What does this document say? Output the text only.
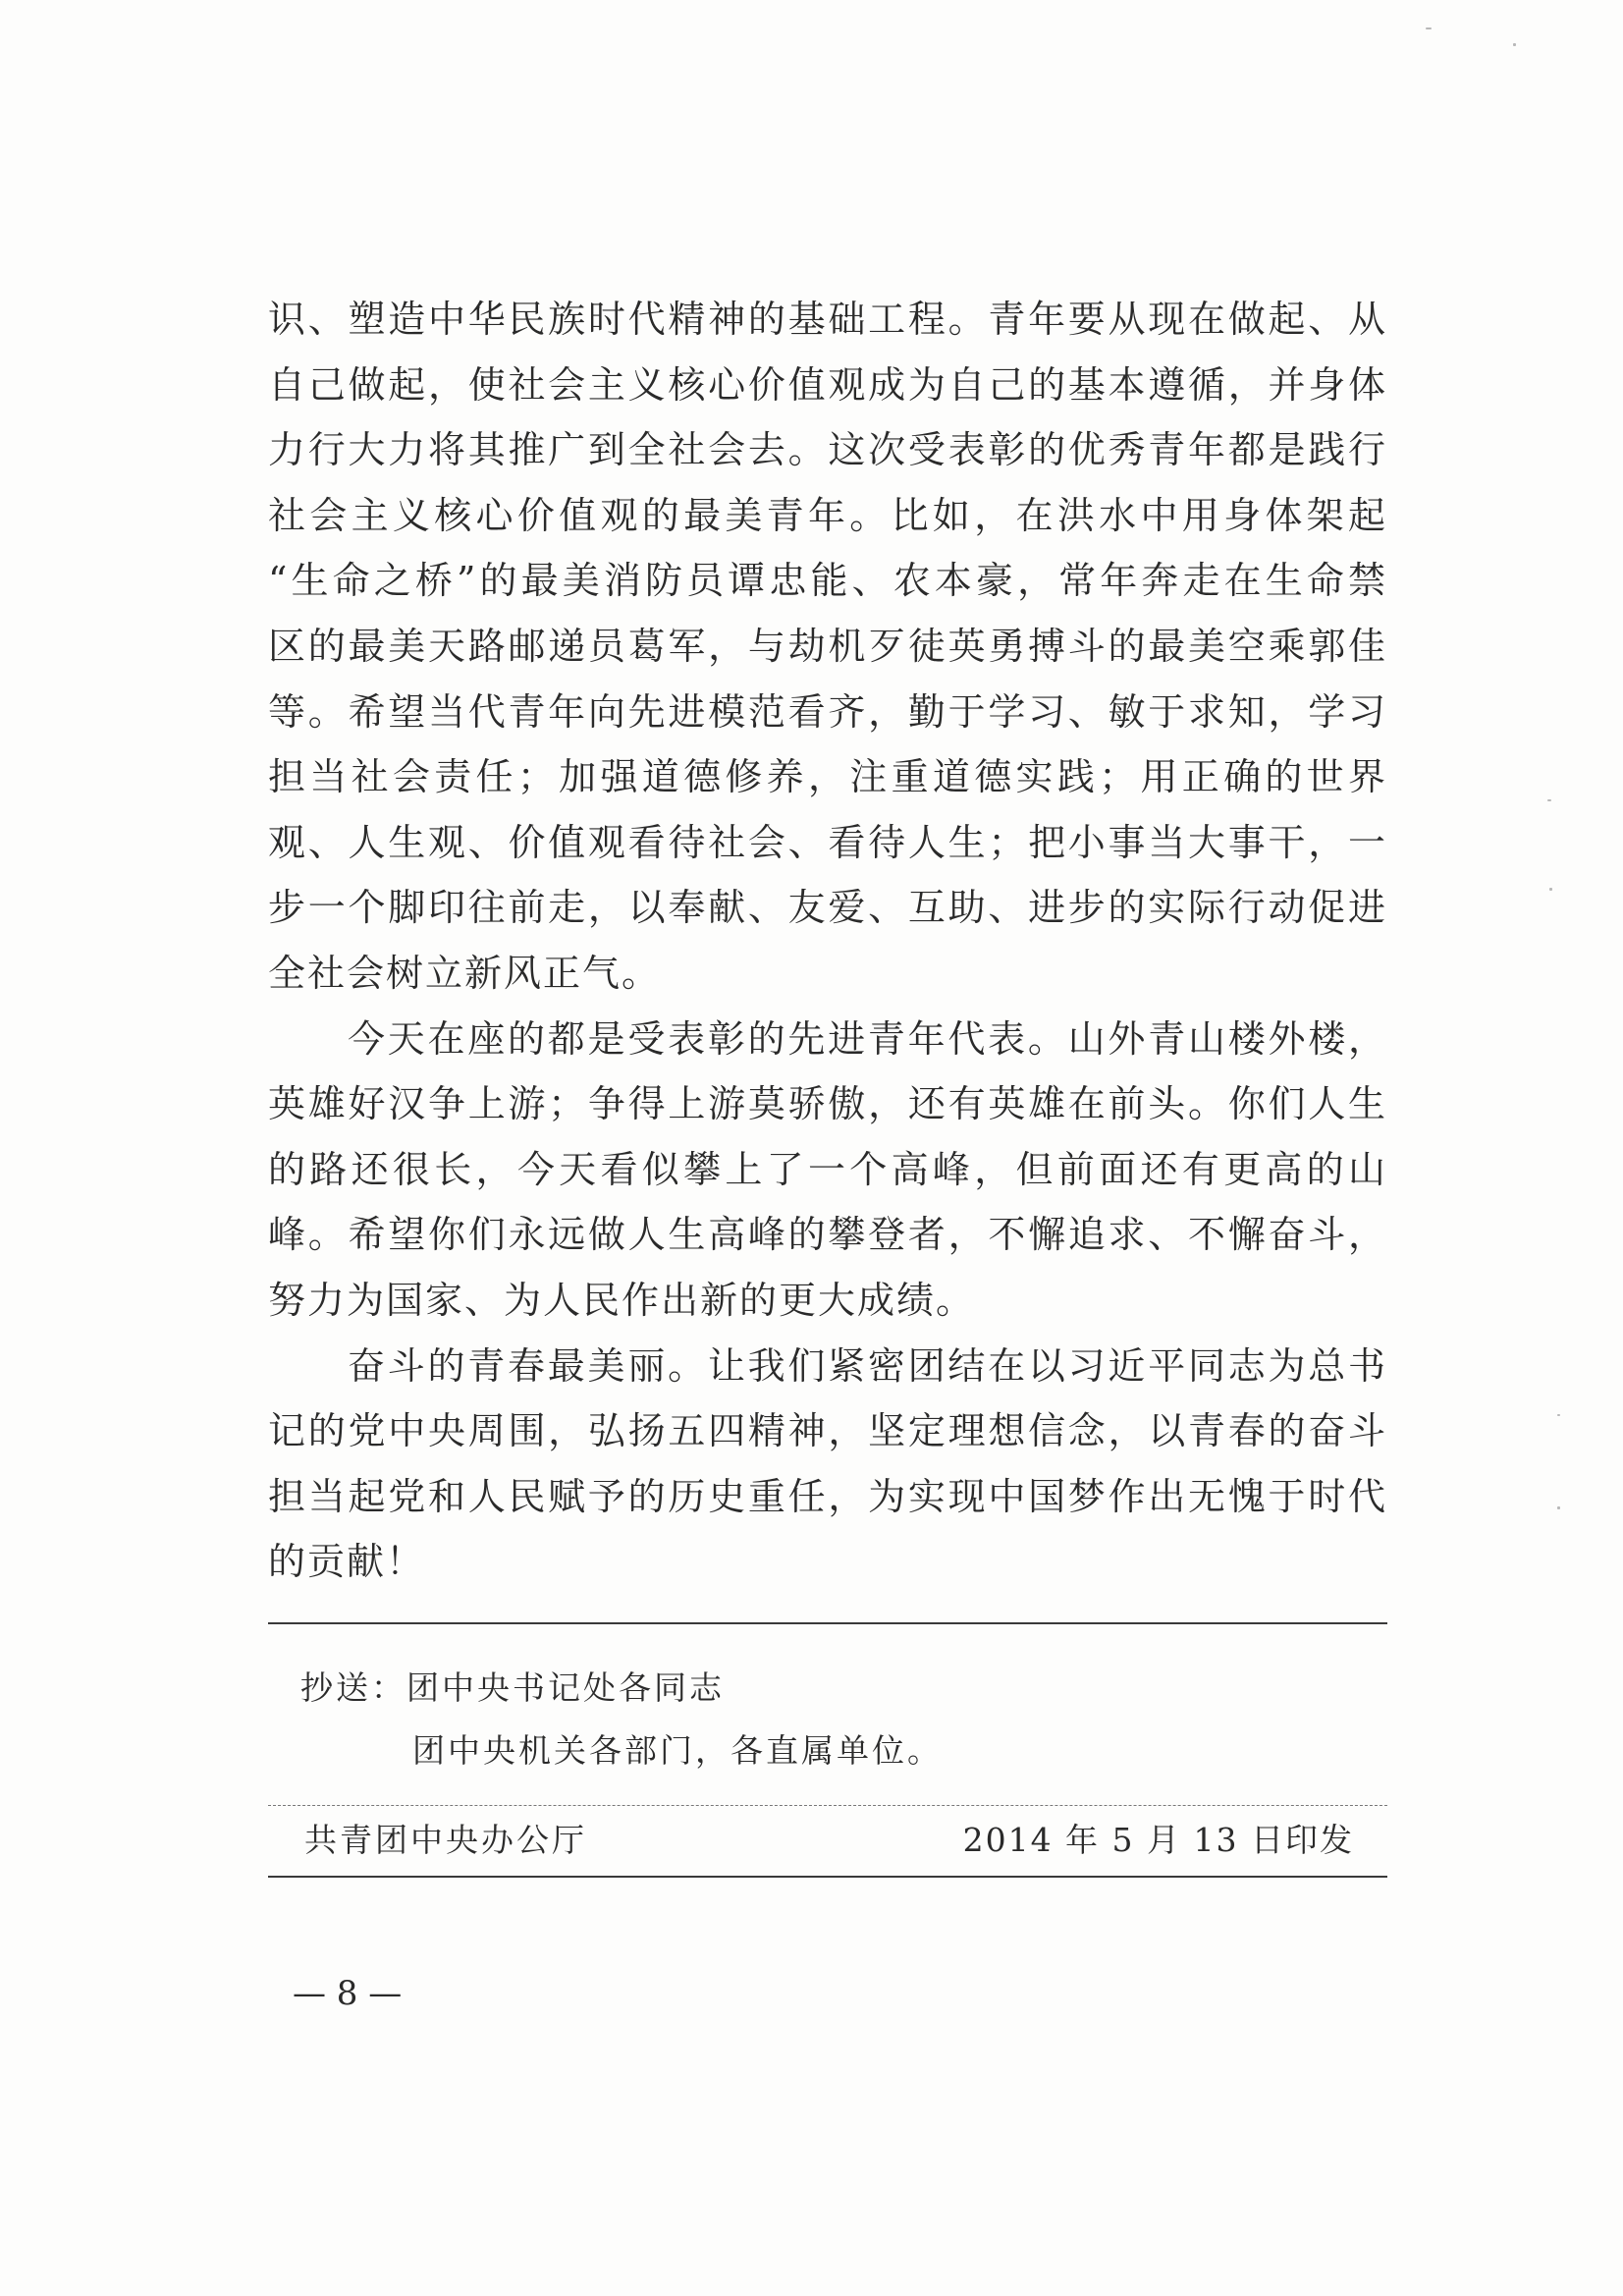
识、塑造中华民族时代精神的基础工程。青年要从现在做起、从
自己做起，使社会主义核心价值观成为自己的基本遵循，并身体
力行大力将其推广到全社会去。这次受表彰的优秀青年都是践行
社会主义核心价值观的最美青年。比如，在洪水中用身体架起
“生命之桥”的最美消防员谭忠能、农本豪，常年奔走在生命禁
区的最美天路邮递员葛军，与劫机歹徒英勇搏斗的最美空乘郭佳
等。希望当代青年向先进模范看齐，勤于学习、敏于求知，学习
担当社会责任；加强道德修养，注重道德实践；用正确的世界
观、人生观、价值观看待社会、看待人生；把小事当大事干，一
步一个脚印往前走，以奉献、友爱、互助、进步的实际行动促进
全社会树立新风正气。
今天在座的都是受表彰的先进青年代表。山外青山楼外楼，
英雄好汉争上游；争得上游莫骄傲，还有英雄在前头。你们人生
的路还很长，今天看似攀上了一个高峰，但前面还有更高的山
峰。希望你们永远做人生高峰的攀登者，不懈追求、不懈奋斗，
努力为国家、为人民作出新的更大成绩。
奋斗的青春最美丽。让我们紧密团结在以习近平同志为总书
记的党中央周围，弘扬五四精神，坚定理想信念，以青春的奋斗
担当起党和人民赋予的历史重任，为实现中国梦作出无愧于时代
的贡献！
抄送：团中央书记处各同志
团中央机关各部门，各直属单位。
共青团中央办公厅	2014 年 5 月 13 日印发
— 8 —
